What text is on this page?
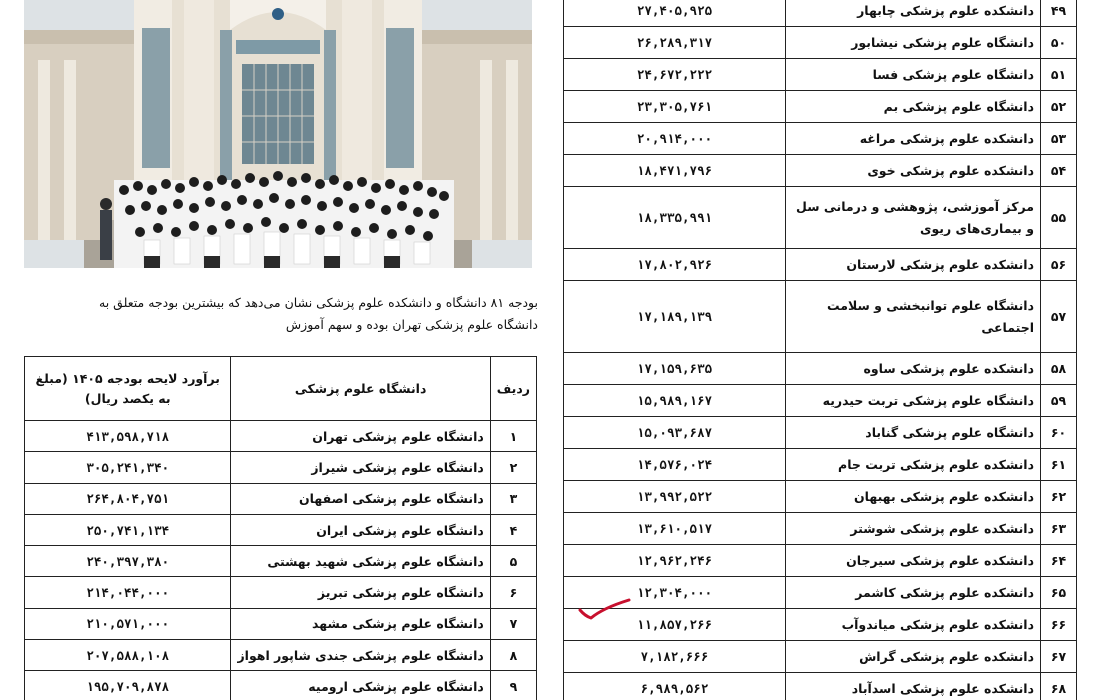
بودجه ۸۱ دانشگاه و دانشکده علوم پزشکی نشان می‌دهد که بیشترین بودجه متعلق به دانشگاه علوم پزشکی تهران بوده و سهم آموزش
ردیف	دانشگاه علوم پزشکی	برآورد لایحه بودجه ۱۴۰۵ (مبلغ به یکصد ریال)
۱	دانشگاه علوم پزشکی تهران	۴۱۳,۵۹۸,۷۱۸
۲	دانشگاه علوم پزشکی شیراز	۳۰۵,۲۴۱,۳۴۰
۳	دانشگاه علوم پزشکی اصفهان	۲۶۴,۸۰۴,۷۵۱
۴	دانشگاه علوم پزشکی ایران	۲۵۰,۷۴۱,۱۳۴
۵	دانشگاه علوم پزشکی شهید بهشتی	۲۴۰,۳۹۷,۳۸۰
۶	دانشگاه علوم پزشکی تبریز	۲۱۴,۰۴۴,۰۰۰
۷	دانشگاه علوم پزشکی مشهد	۲۱۰,۵۷۱,۰۰۰
۸	دانشگاه علوم پزشکی جندی شاپور اهواز	۲۰۷,۵۸۸,۱۰۸
۹	دانشگاه علوم پزشکی ارومیه	۱۹۵,۷۰۹,۸۷۸
۴۹	دانشکده علوم پزشکی چابهار	۲۷,۴۰۵,۹۲۵
۵۰	دانشگاه علوم پزشکی نیشابور	۲۶,۲۸۹,۳۱۷
۵۱	دانشگاه علوم پزشکی فسا	۲۴,۶۷۲,۲۲۲
۵۲	دانشگاه علوم پزشکی بم	۲۳,۳۰۵,۷۶۱
۵۳	دانشکده علوم پزشکی مراغه	۲۰,۹۱۴,۰۰۰
۵۴	دانشکده علوم پزشکی خوی	۱۸,۴۷۱,۷۹۶
۵۵	مرکز آموزشی، پژوهشی و درمانی سل و بیماری‌های ریوی	۱۸,۳۳۵,۹۹۱
۵۶	دانشکده علوم پزشکی لارستان	۱۷,۸۰۲,۹۲۶
۵۷	دانشگاه علوم توانبخشی و سلامت اجتماعی	۱۷,۱۸۹,۱۳۹
۵۸	دانشکده علوم پزشکی ساوه	۱۷,۱۵۹,۶۳۵
۵۹	دانشگاه علوم پزشکی تربت حیدریه	۱۵,۹۸۹,۱۶۷
۶۰	دانشگاه علوم پزشکی گناباد	۱۵,۰۹۳,۶۸۷
۶۱	دانشکده علوم پزشکی تربت جام	۱۴,۵۷۶,۰۲۴
۶۲	دانشکده علوم پزشکی بهبهان	۱۳,۹۹۲,۵۲۲
۶۳	دانشکده علوم پزشکی شوشتر	۱۳,۶۱۰,۵۱۷
۶۴	دانشکده علوم پزشکی سیرجان	۱۲,۹۶۲,۲۴۶
۶۵	دانشکده علوم پزشکی کاشمر	۱۲,۳۰۴,۰۰۰
۶۶	دانشکده علوم پزشکی میاندوآب	۱۱,۸۵۷,۲۶۶
۶۷	دانشکده علوم پزشکی گراش	۷,۱۸۲,۶۶۶
۶۸	دانشکده علوم پزشکی اسدآباد	۶,۹۸۹,۵۶۲
